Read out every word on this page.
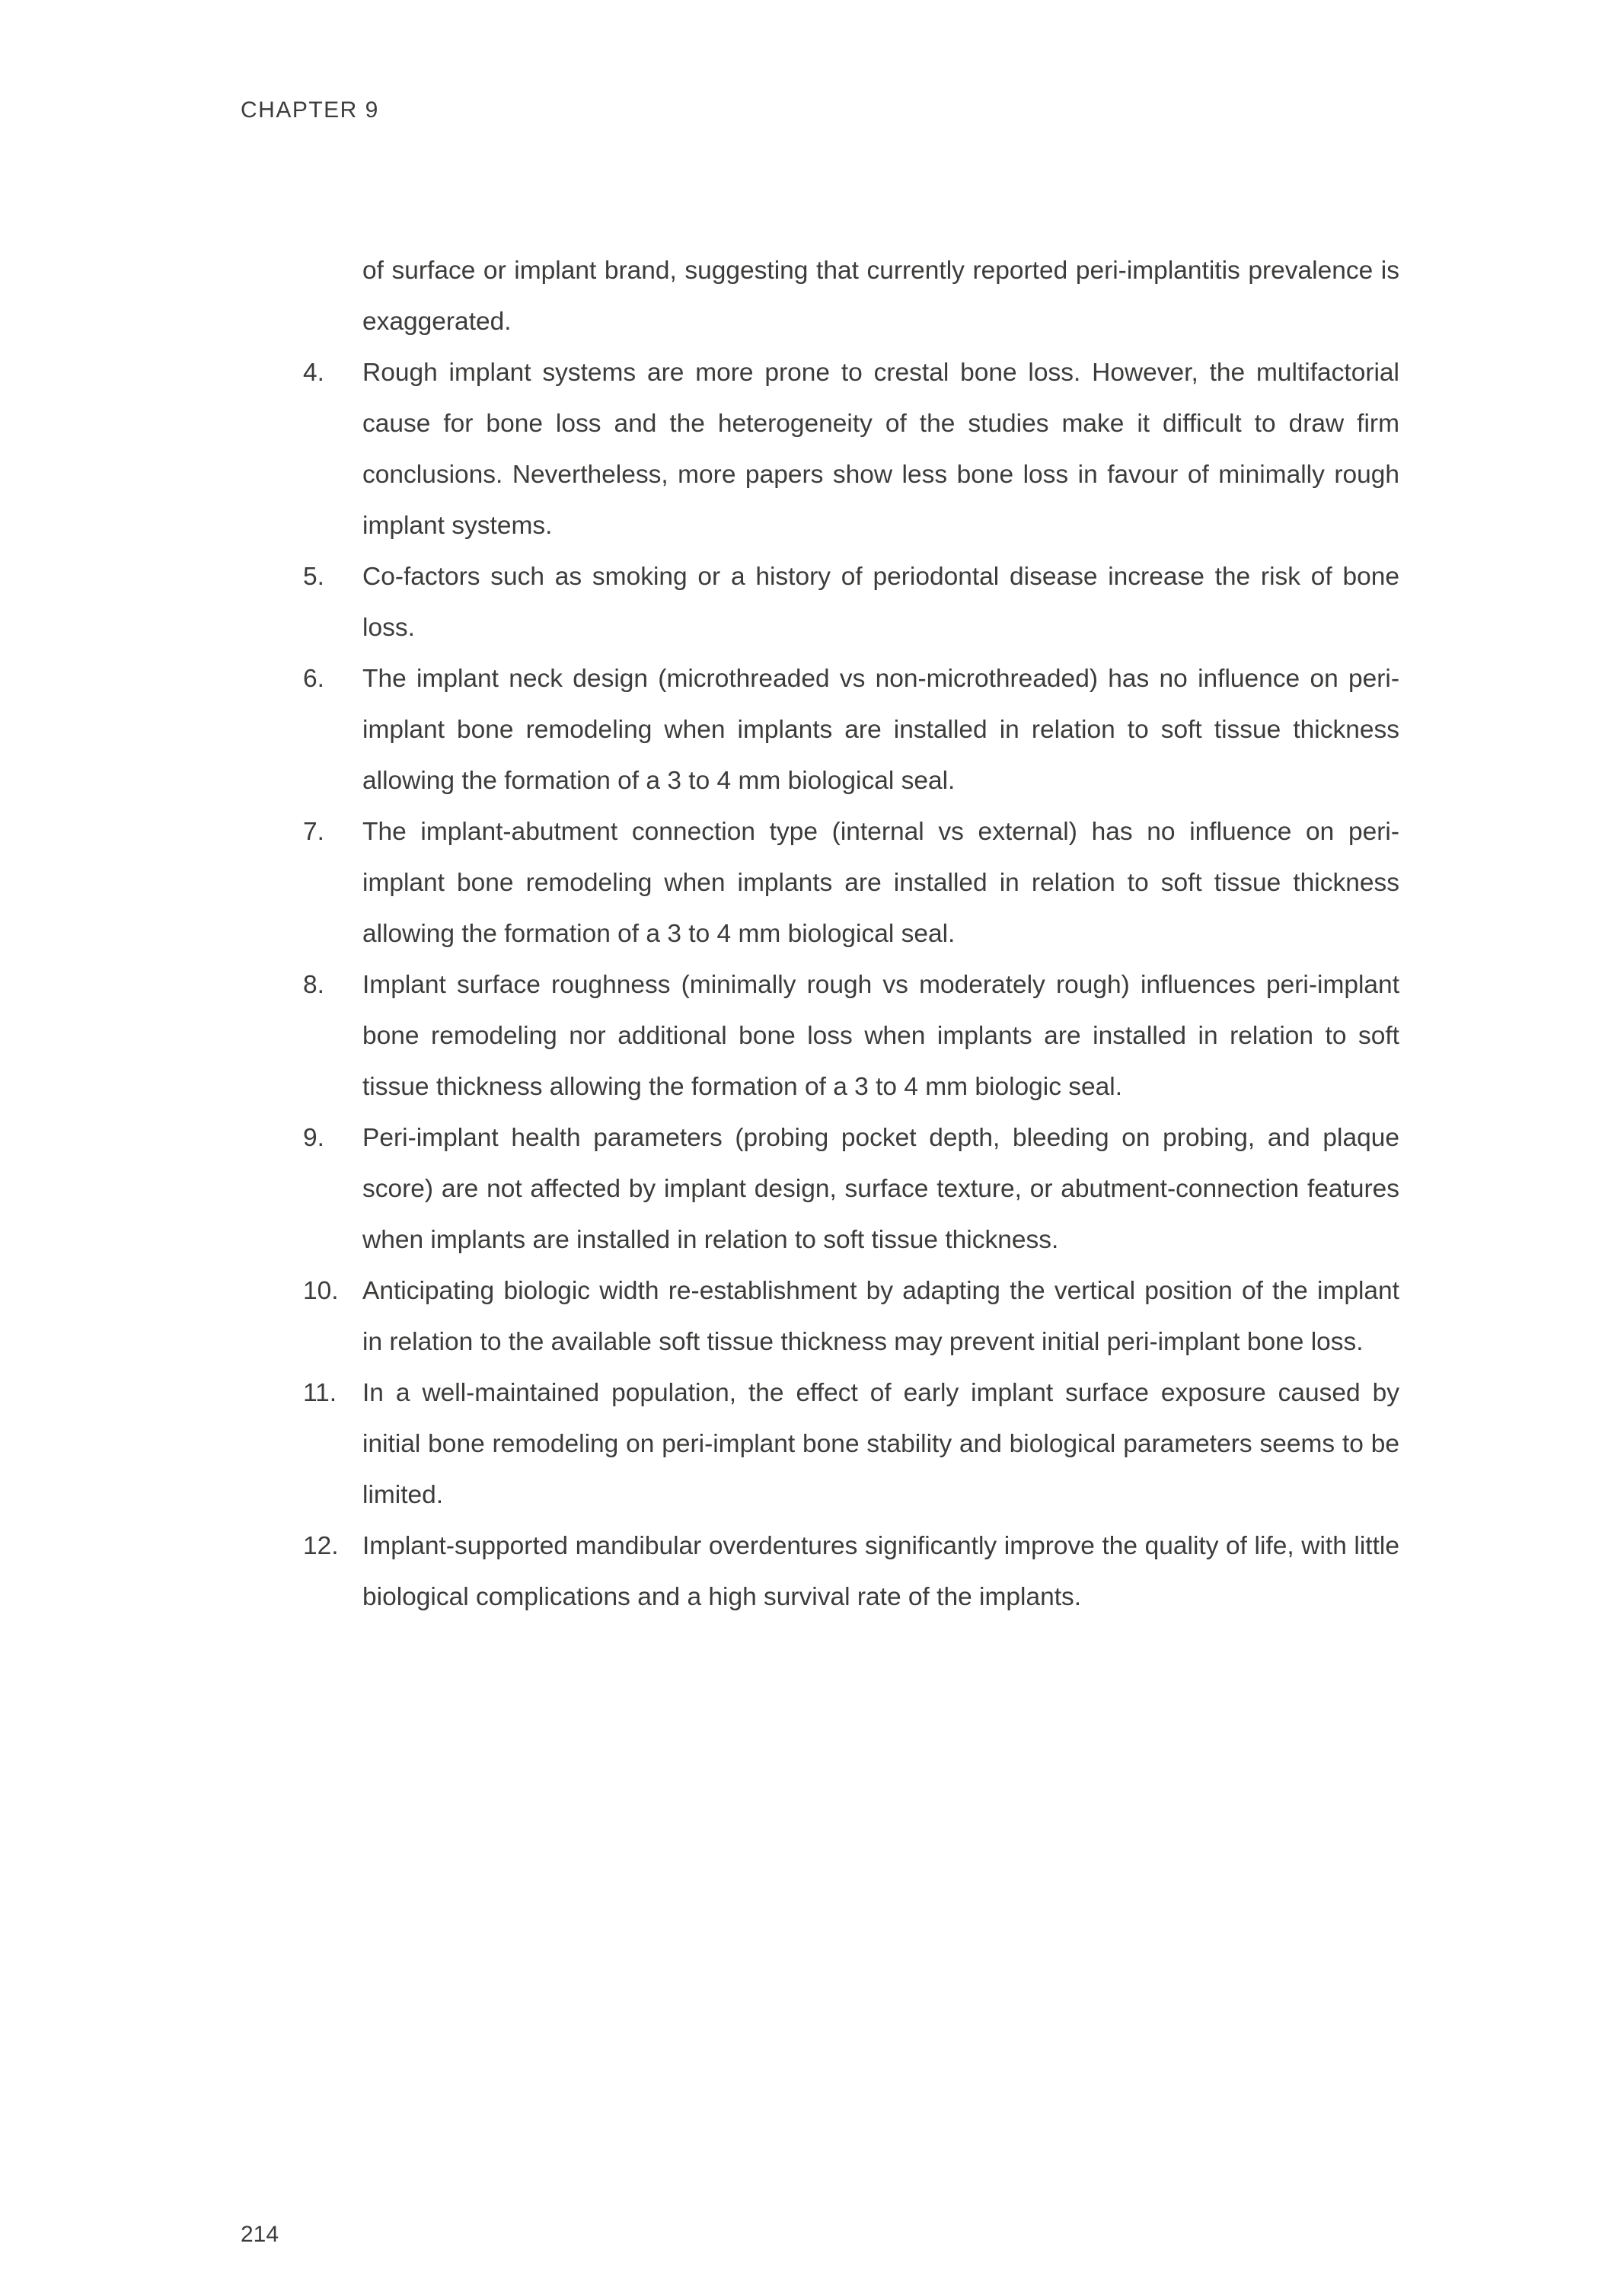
CHAPTER 9

of surface or implant brand, suggesting that currently reported peri-implantitis prevalence is exaggerated.

4.	Rough implant systems are more prone to crestal bone loss. However, the multifactorial cause for bone loss and the heterogeneity of the studies make it difficult to draw firm conclusions. Nevertheless, more papers show less bone loss in favour of minimally rough implant systems.
5.	Co-factors such as smoking or a history of periodontal disease increase the risk of bone loss.
6.	The implant neck design (microthreaded vs non-microthreaded) has no influence on peri-implant bone remodeling when implants are installed in relation to soft tissue thickness allowing the formation of a 3 to 4 mm biological seal.
7.	The implant-abutment connection type (internal vs external) has no influence on peri-implant bone remodeling when implants are installed in relation to soft tissue thickness allowing the formation of a 3 to 4 mm biological seal.
8.	Implant surface roughness (minimally rough vs moderately rough) influences peri-implant bone remodeling nor additional bone loss when implants are installed in relation to soft tissue thickness allowing the formation of a 3 to 4 mm biologic seal.
9.	Peri-implant health parameters (probing pocket depth, bleeding on probing, and plaque score) are not affected by implant design, surface texture, or abutment-connection features when implants are installed in relation to soft tissue thickness.
10. Anticipating biologic width re-establishment by adapting the vertical position of the implant in relation to the available soft tissue thickness may prevent initial peri-implant bone loss.
11.	In a well-maintained population, the effect of early implant surface exposure caused by initial bone remodeling on peri-implant bone stability and biological parameters seems to be limited.
12. Implant-supported mandibular overdentures significantly improve the quality of life, with little biological complications and a high survival rate of the implants.
214
